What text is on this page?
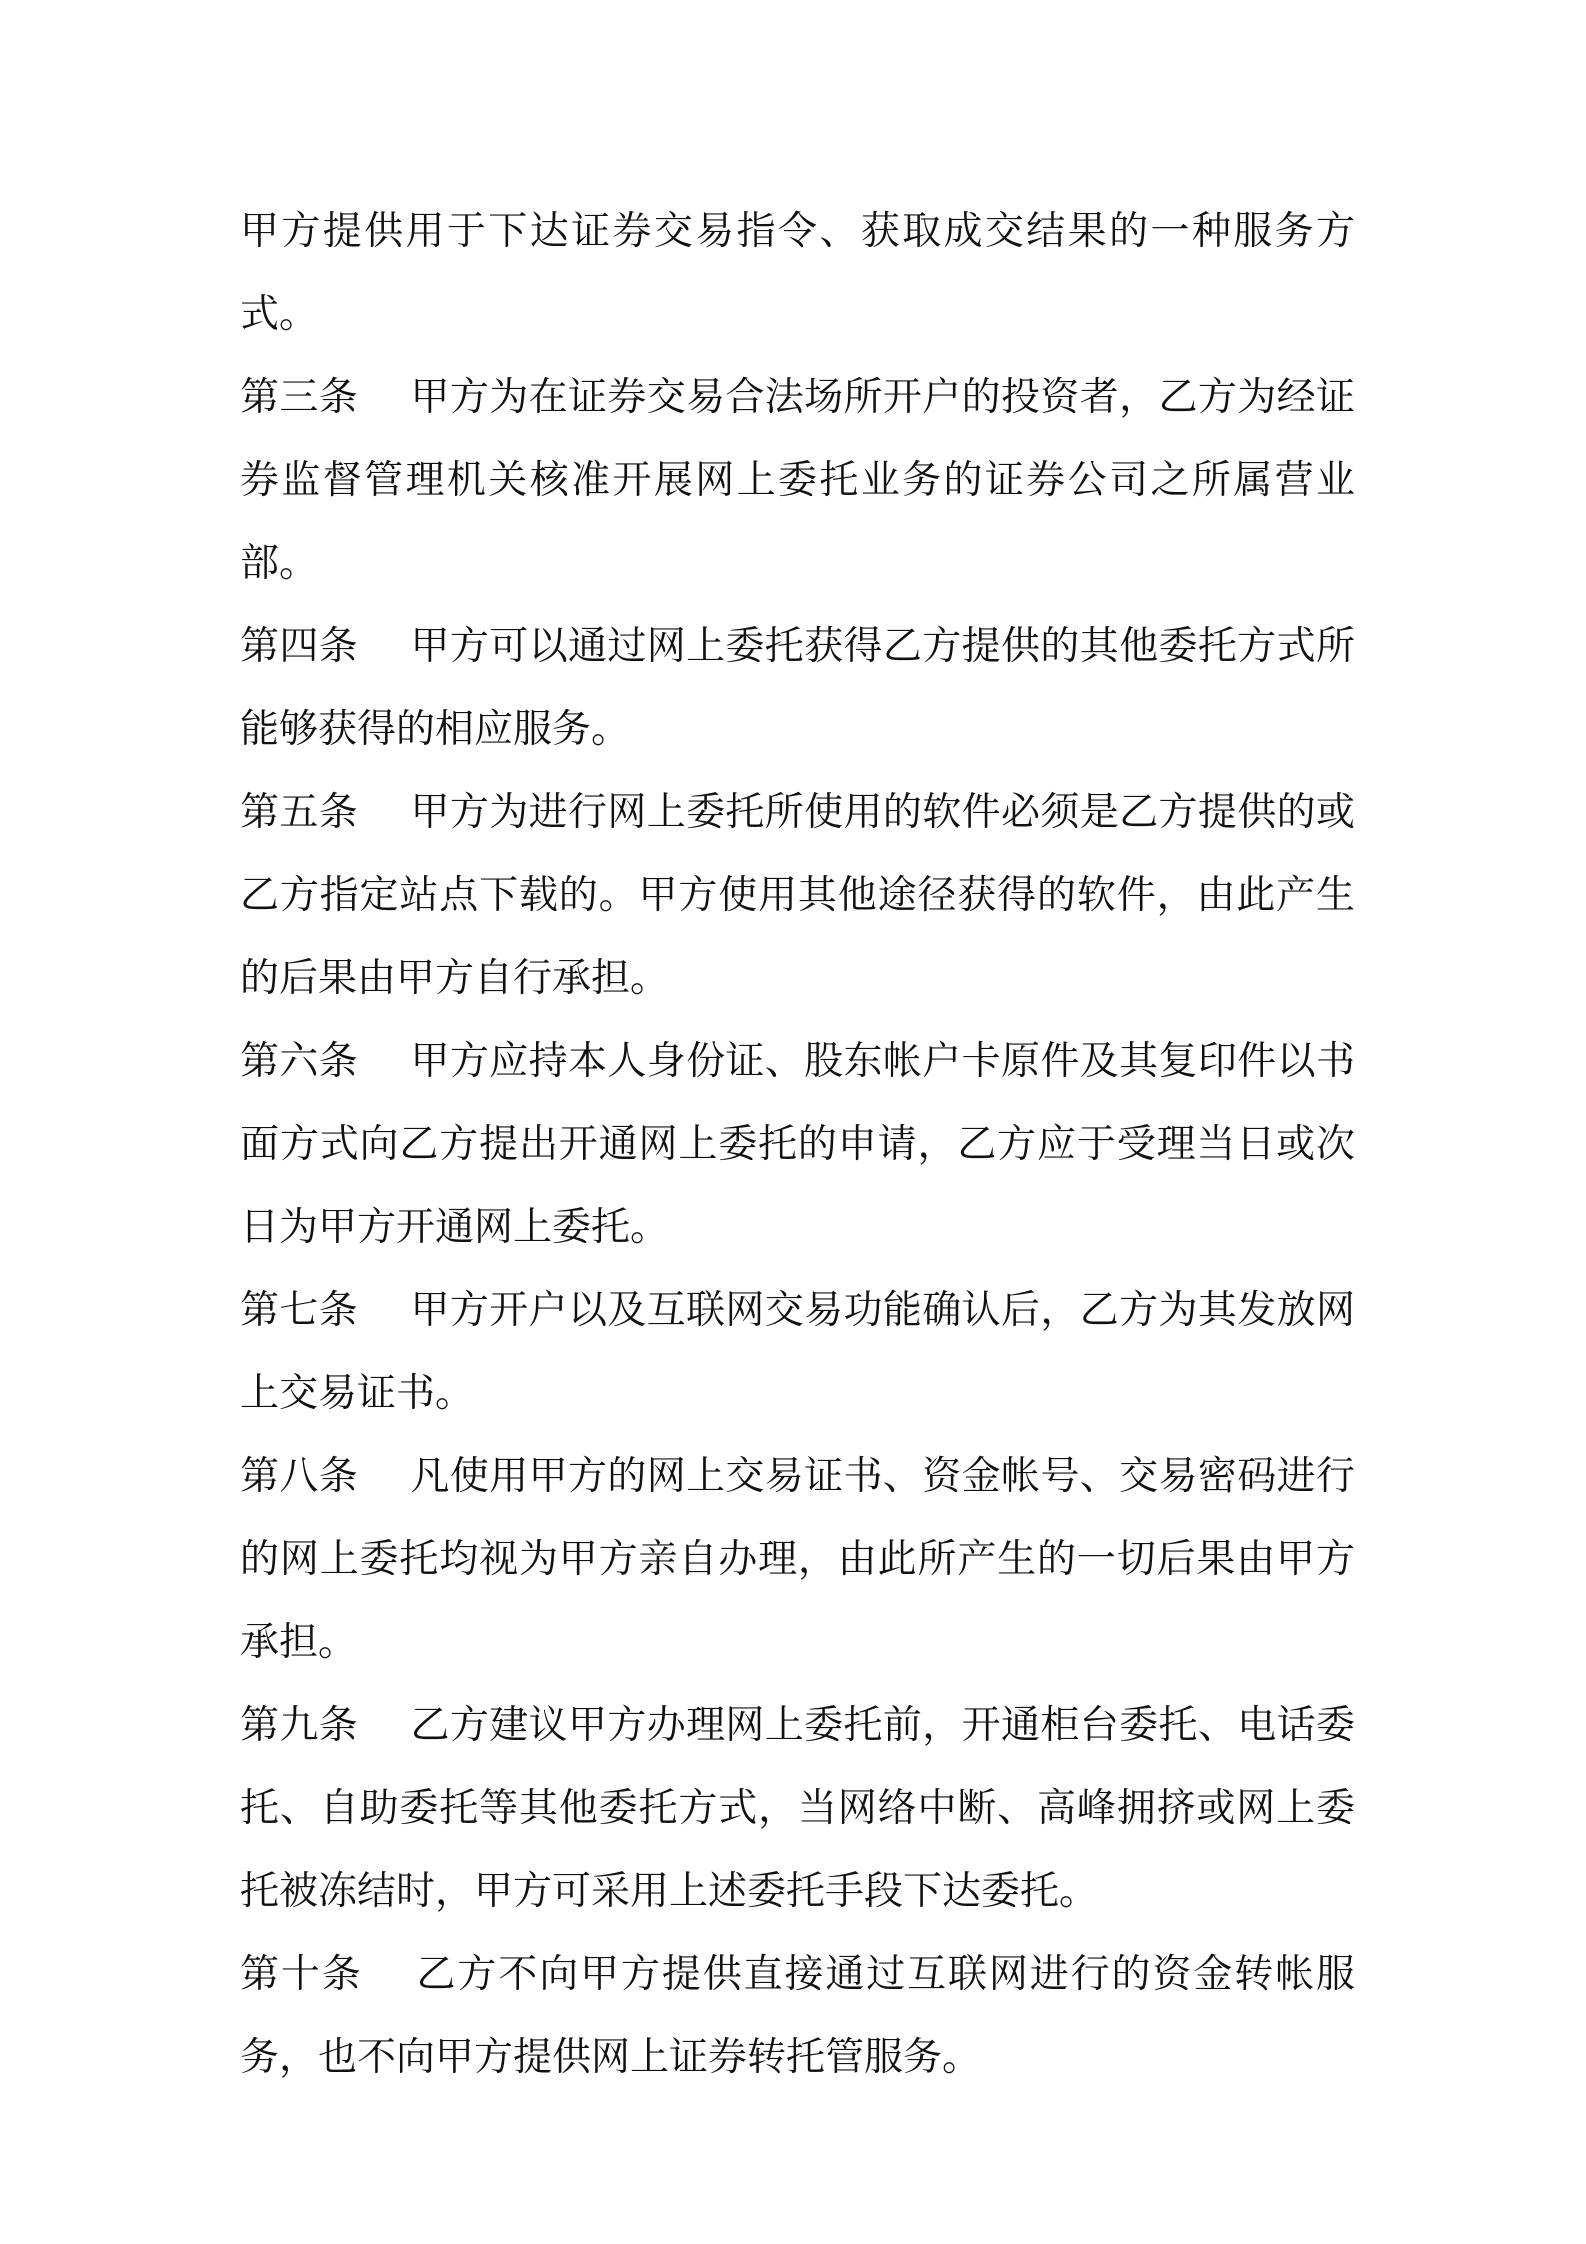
甲方提供用于下达证券交易指令、获取成交结果的一种服务方式。

第三条 甲方为在证券交易合法场所开户的投资者，乙方为经证券监督管理机关核准开展网上委托业务的证券公司之所属营业部。

第四条 甲方可以通过网上委托获得乙方提供的其他委托方式所能够获得的相应服务。

第五条 甲方为进行网上委托所使用的软件必须是乙方提供的或乙方指定站点下载的。甲方使用其他途径获得的软件，由此产生的后果由甲方自行承担。

第六条 甲方应持本人身份证、股东帐户卡原件及其复印件以书面方式向乙方提出开通网上委托的申请，乙方应于受理当日或次日为甲方开通网上委托。

第七条 甲方开户以及互联网交易功能确认后，乙方为其发放网上交易证书。

第八条 凡使用甲方的网上交易证书、资金帐号、交易密码进行的网上委托均视为甲方亲自办理，由此所产生的一切后果由甲方承担。

第九条 乙方建议甲方办理网上委托前，开通柜台委托、电话委托、自助委托等其他委托方式，当网络中断、高峰拥挤或网上委托被冻结时，甲方可采用上述委托手段下达委托。

第十条 乙方不向甲方提供直接通过互联网进行的资金转帐服务，也不向甲方提供网上证券转托管服务。
